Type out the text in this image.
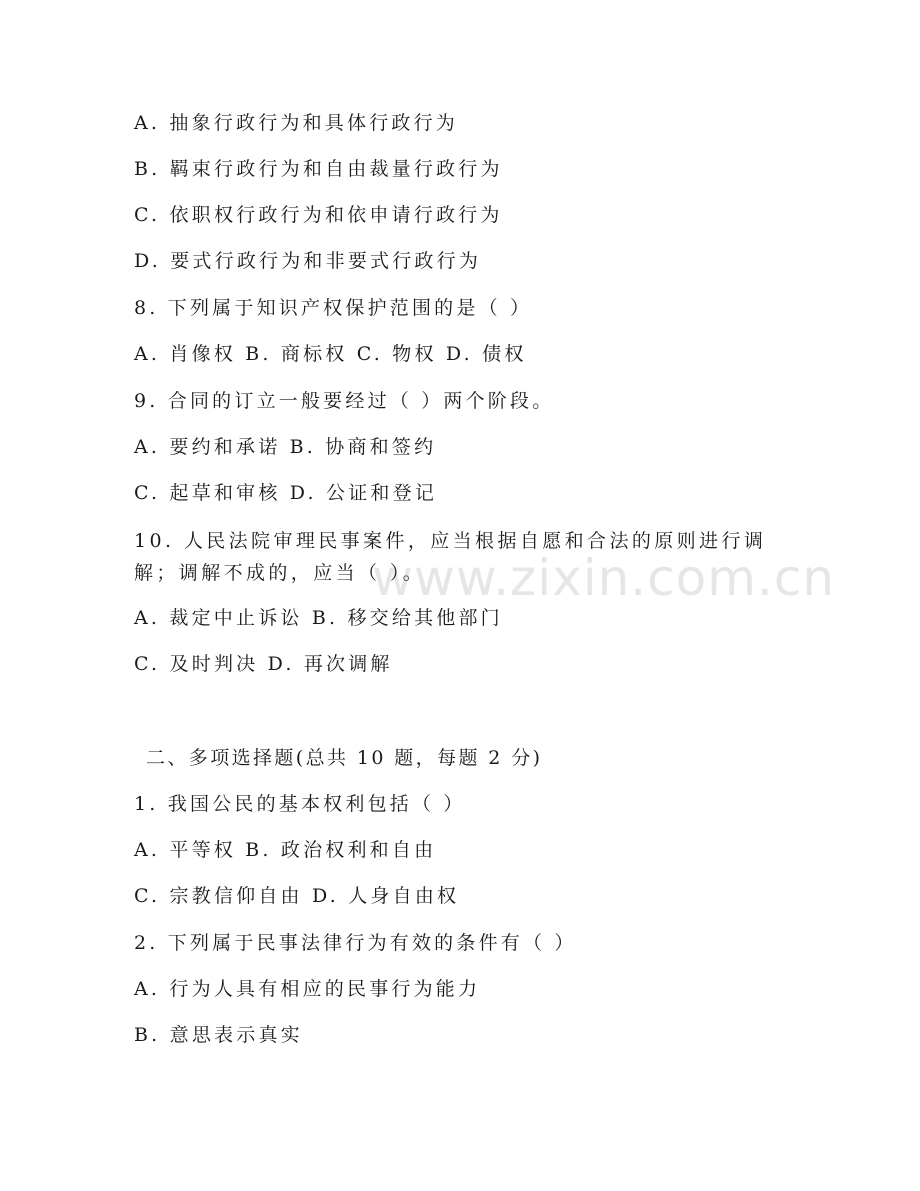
www.zixin.com.cn
A. 抽象行政行为和具体行政行为
B. 羁束行政行为和自由裁量行政行为
C. 依职权行政行为和依申请行政行为
D. 要式行政行为和非要式行政行为
8. 下列属于知识产权保护范围的是（ ）
A. 肖像权 B. 商标权 C. 物权 D. 债权
9. 合同的订立一般要经过（ ）两个阶段。
A. 要约和承诺 B. 协商和签约
C. 起草和审核 D. 公证和登记
10. 人民法院审理民事案件，应当根据自愿和合法的原则进行调解；调解不成的，应当（ ）。
A. 裁定中止诉讼 B. 移交给其他部门
C. 及时判决 D. 再次调解
二、多项选择题(总共 10 题，每题 2 分)
1. 我国公民的基本权利包括（ ）
A. 平等权 B. 政治权利和自由
C. 宗教信仰自由 D. 人身自由权
2. 下列属于民事法律行为有效的条件有（ ）
A. 行为人具有相应的民事行为能力
B. 意思表示真实
